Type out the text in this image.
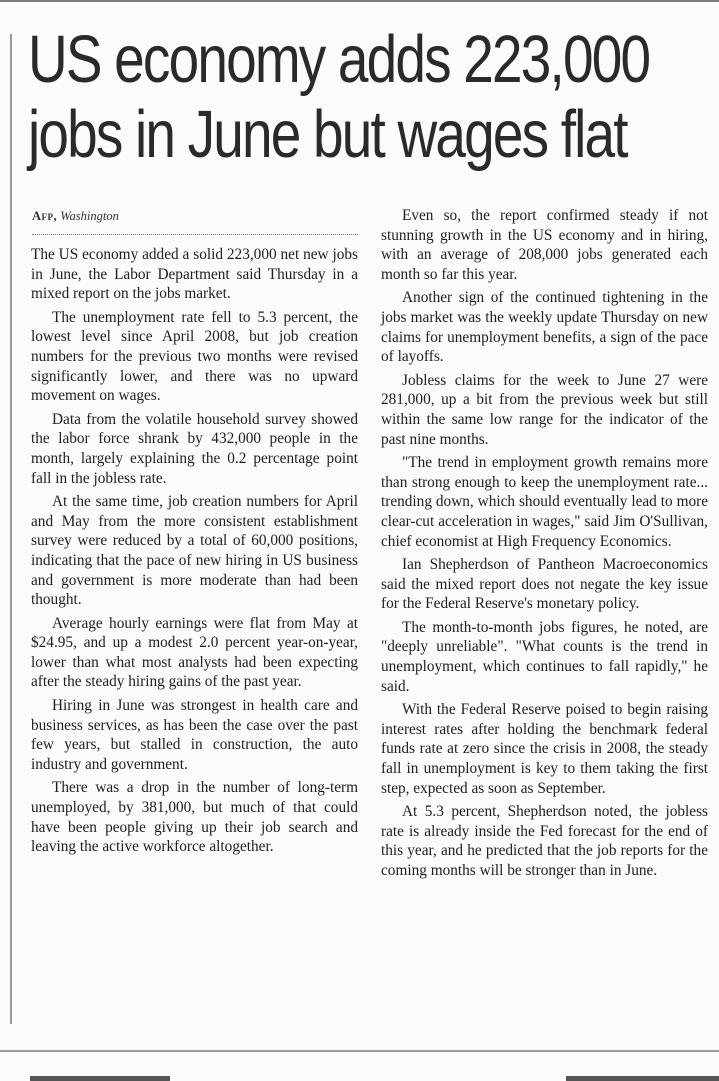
US economy adds 223,000
jobs in June but wages flat
Afp, Washington

The US economy added a solid 223,000 net new jobs in June, the Labor Department said Thursday in a mixed report on the jobs market.

The unemployment rate fell to 5.3 percent, the lowest level since April 2008, but job creation numbers for the previous two months were revised significantly lower, and there was no upward movement on wages.

Data from the volatile household survey showed the labor force shrank by 432,000 people in the month, largely explaining the 0.2 percentage point fall in the jobless rate.

At the same time, job creation numbers for April and May from the more consistent establishment survey were reduced by a total of 60,000 positions, indicating that the pace of new hiring in US business and government is more moderate than had been thought.

Average hourly earnings were flat from May at $24.95, and up a modest 2.0 percent year-on-year, lower than what most analysts had been expecting after the steady hiring gains of the past year.

Hiring in June was strongest in health care and business services, as has been the case over the past few years, but stalled in construction, the auto industry and government.

There was a drop in the number of long-term unemployed, by 381,000, but much of that could have been people giving up their job search and leaving the active workforce altogether.

Even so, the report confirmed steady if not stunning growth in the US economy and in hiring, with an average of 208,000 jobs generated each month so far this year.

Another sign of the continued tightening in the jobs market was the weekly update Thursday on new claims for unemployment benefits, a sign of the pace of layoffs.

Jobless claims for the week to June 27 were 281,000, up a bit from the previous week but still within the same low range for the indicator of the past nine months.

"The trend in employment growth remains more than strong enough to keep the unemployment rate... trending down, which should eventually lead to more clear-cut acceleration in wages," said Jim O'Sullivan, chief economist at High Frequency Economics.

Ian Shepherdson of Pantheon Macroeconomics said the mixed report does not negate the key issue for the Federal Reserve's monetary policy.

The month-to-month jobs figures, he noted, are "deeply unreliable". "What counts is the trend in unemployment, which continues to fall rapidly," he said.

With the Federal Reserve poised to begin raising interest rates after holding the benchmark federal funds rate at zero since the crisis in 2008, the steady fall in unemployment is key to them taking the first step, expected as soon as September.

At 5.3 percent, Shepherdson noted, the jobless rate is already inside the Fed forecast for the end of this year, and he predicted that the job reports for the coming months will be stronger than in June.
